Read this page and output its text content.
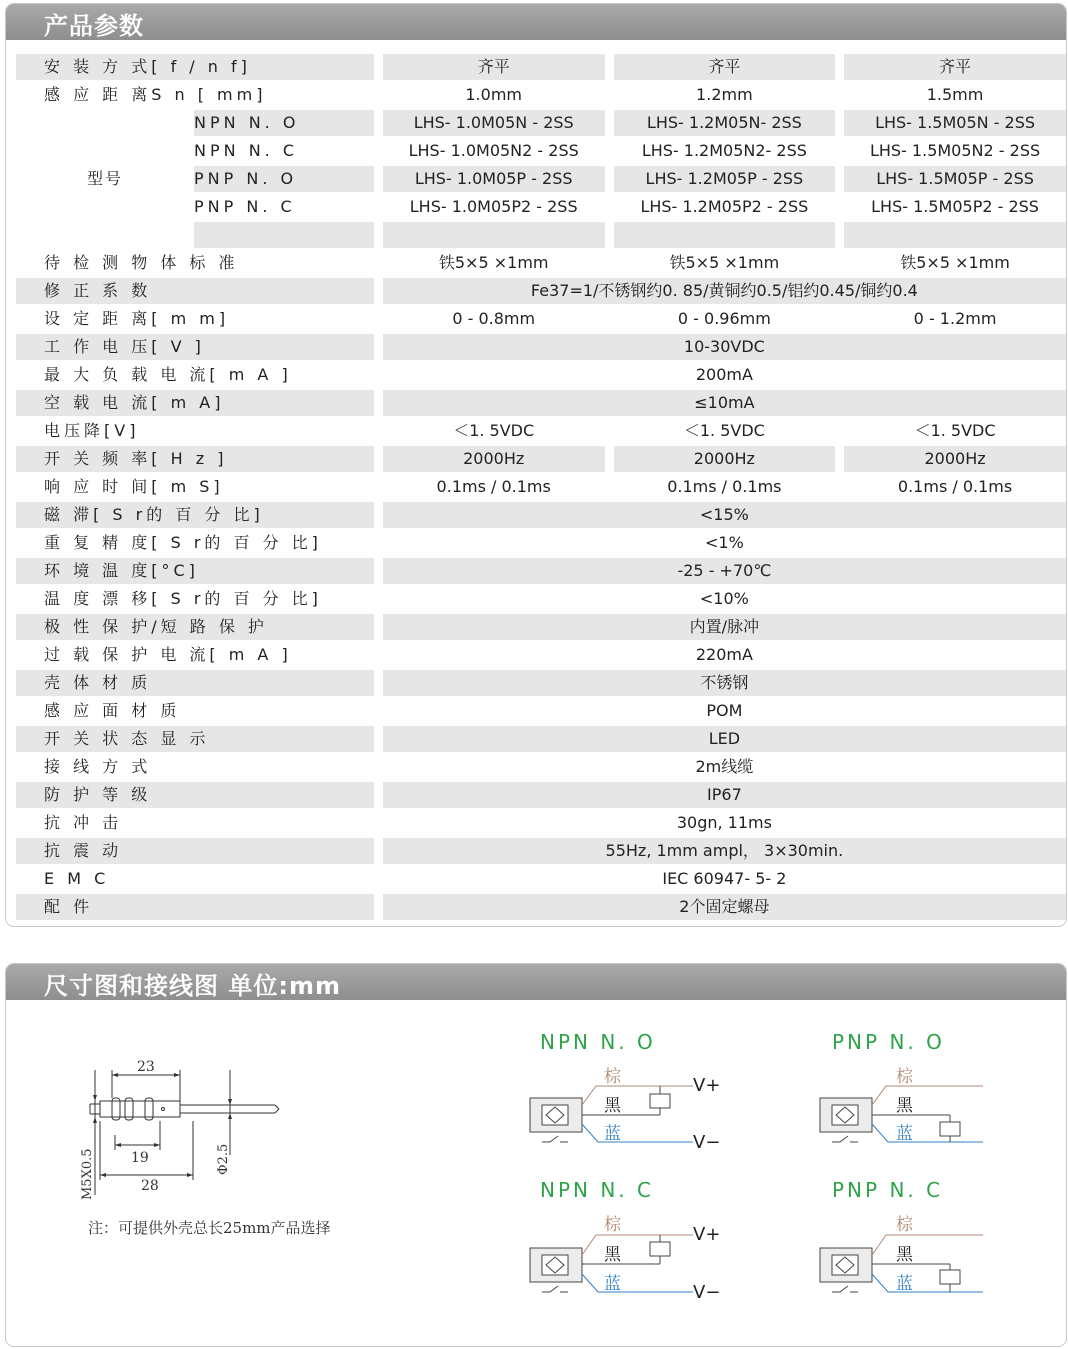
产品参数
安 装 方 式[ f / n f]			齐平		齐平		齐平
感 应 距 离S n [ mm]			1.0mm		1.2mm		1.5mm
型号	NPN N. O		LHS- 1.0M05N - 2SS		LHS- 1.2M05N- 2SS		LHS- 1.5M05N - 2SS
	NPN N. C		LHS- 1.0M05N2 - 2SS		LHS- 1.2M05N2- 2SS		LHS- 1.5M05N2 - 2SS
	PNP N. O		LHS- 1.0M05P - 2SS		LHS- 1.2M05P - 2SS		LHS- 1.5M05P - 2SS
	PNP N. C		LHS- 1.0M05P2 - 2SS		LHS- 1.2M05P2 - 2SS		LHS- 1.5M05P2 - 2SS

待 检 测 物 体 标 准			铁5×5 ×1mm		铁5×5 ×1mm		铁5×5 ×1mm
修 正 系 数			Fe37=1/不锈钢约0. 85/黄铜约0.5/铝约0.45/铜约0.4				
设 定 距 离[ m m]			0 - 0.8mm		0 - 0.96mm		0 - 1.2mm
工 作 电 压[ V ]			10-30VDC				
最 大 负 载 电 流[ m A ]			200mA				
空 载 电 流[ m A]			≤10mA				
电压降[V]			＜1. 5VDC		＜1. 5VDC		＜1. 5VDC
开 关 频 率[ H z ]			2000Hz		2000Hz		2000Hz
响 应 时 间[ m S]			0.1ms / 0.1ms		0.1ms / 0.1ms		0.1ms / 0.1ms
磁 滞[ S r的 百 分 比]			<15%				
重 复 精 度[ S r的 百 分 比]			<1%				
环 境 温 度[°C]			-25 - +70℃				
温 度 漂 移[ S r的 百 分 比]			<10%				
极 性 保 护/短 路 保 护			内置/脉冲				
过 载 保 护 电 流[ m A ]			220mA				
壳 体 材 质			不锈钢				
感 应 面 材 质			POM				
开 关 状 态 显 示			LED				
接 线 方 式			2m线缆				
防 护 等 级			IP67				
抗 冲 击			30gn, 11ms				
抗 震 动			55Hz, 1mm ampl， 3×30min.				
E M C			IEC 60947- 5- 2				
配 件			2个固定螺母				
尺寸图和接线图 单位:mm
23
19
28
M5X0.5	Φ2.5
注：可提供外壳总长25mm产品选择
NPN N. O	PNP N. O
NPN N. C	PNP N. C
棕
黑
蓝
V+
V−
棕
黑
蓝
棕
黑
蓝
V+
V−
棕
黑
蓝
